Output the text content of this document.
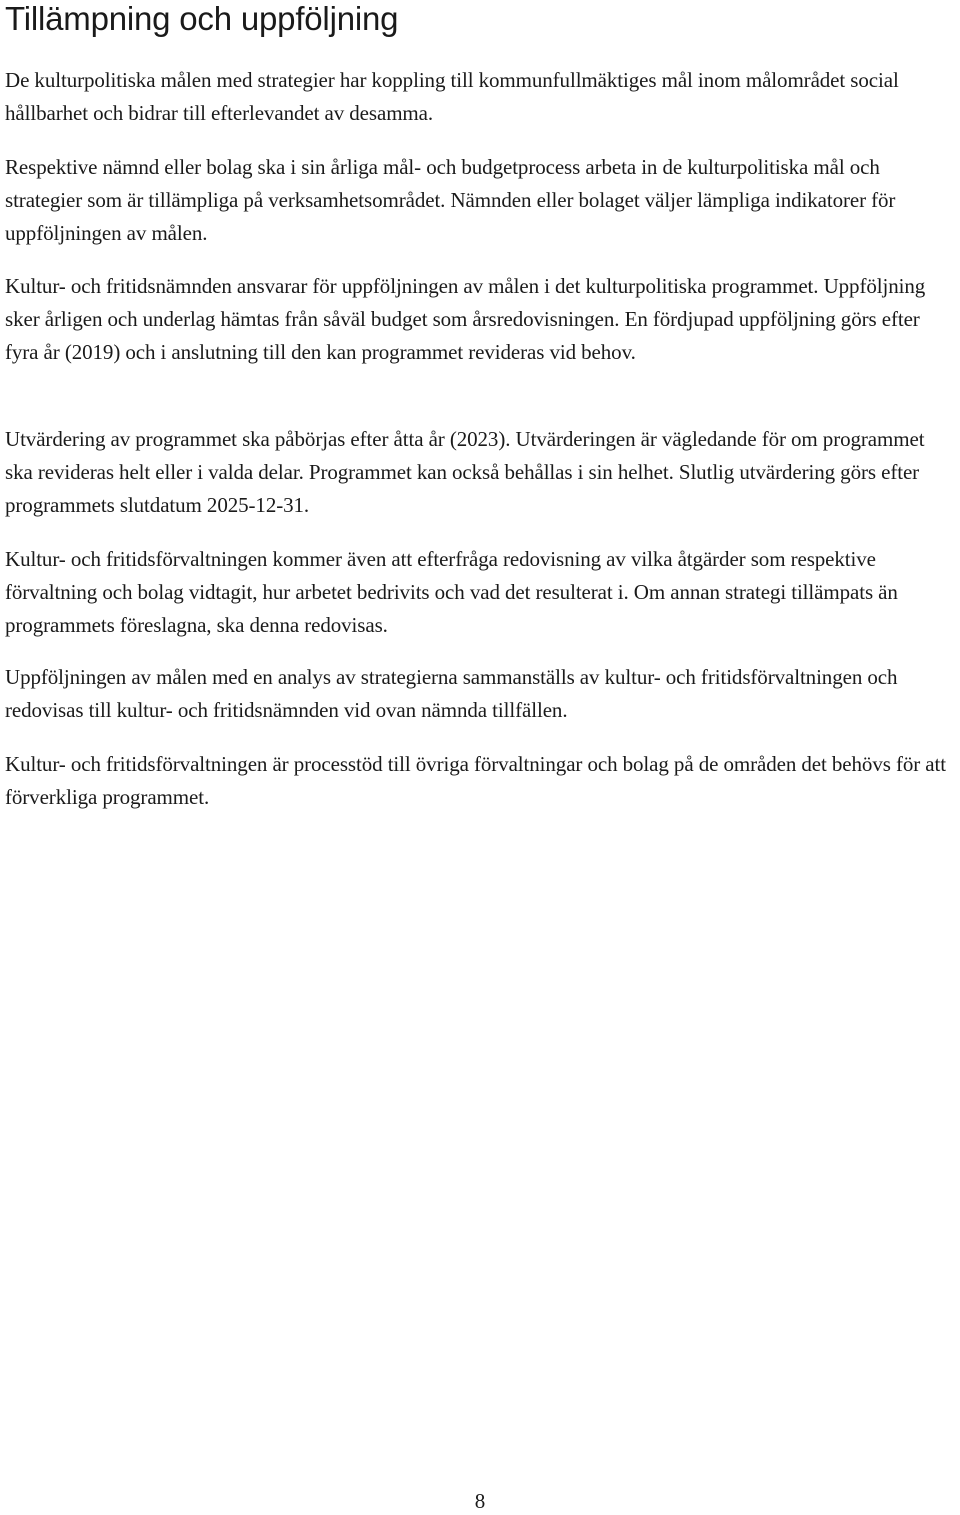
Tillämpning och uppföljning

De kulturpolitiska målen med strategier har koppling till kommunfullmäktiges mål inom målområdet social hållbarhet och bidrar till efterlevandet av desamma.

Respektive nämnd eller bolag ska i sin årliga mål- och budgetprocess arbeta in de kulturpolitiska mål och strategier som är tillämpliga på verksamhetsområdet. Nämnden eller bolaget väljer lämpliga indikatorer för uppföljningen av målen.

Kultur- och fritidsnämnden ansvarar för uppföljningen av målen i det kulturpolitiska programmet. Uppföljning sker årligen och underlag hämtas från såväl budget som årsredovisningen. En fördjupad uppföljning görs efter fyra år (2019) och i anslutning till den kan programmet revideras vid behov.

Utvärdering av programmet ska påbörjas efter åtta år (2023). Utvärderingen är vägledande för om programmet ska revideras helt eller i valda delar. Programmet kan också behållas i sin helhet. Slutlig utvärdering görs efter programmets slutdatum 2025-12-31.

Kultur- och fritidsförvaltningen kommer även att efterfråga redovisning av vilka åtgärder som respektive förvaltning och bolag vidtagit, hur arbetet bedrivits och vad det resulterat i. Om annan strategi tillämpats än programmets föreslagna, ska denna redovisas.

Uppföljningen av målen med en analys av strategierna sammanställs av kultur- och fritidsförvaltningen och redovisas till kultur- och fritidsnämnden vid ovan nämnda tillfällen.

Kultur- och fritidsförvaltningen är processtöd till övriga förvaltningar och bolag på de områden det behövs för att förverkliga programmet.

8
